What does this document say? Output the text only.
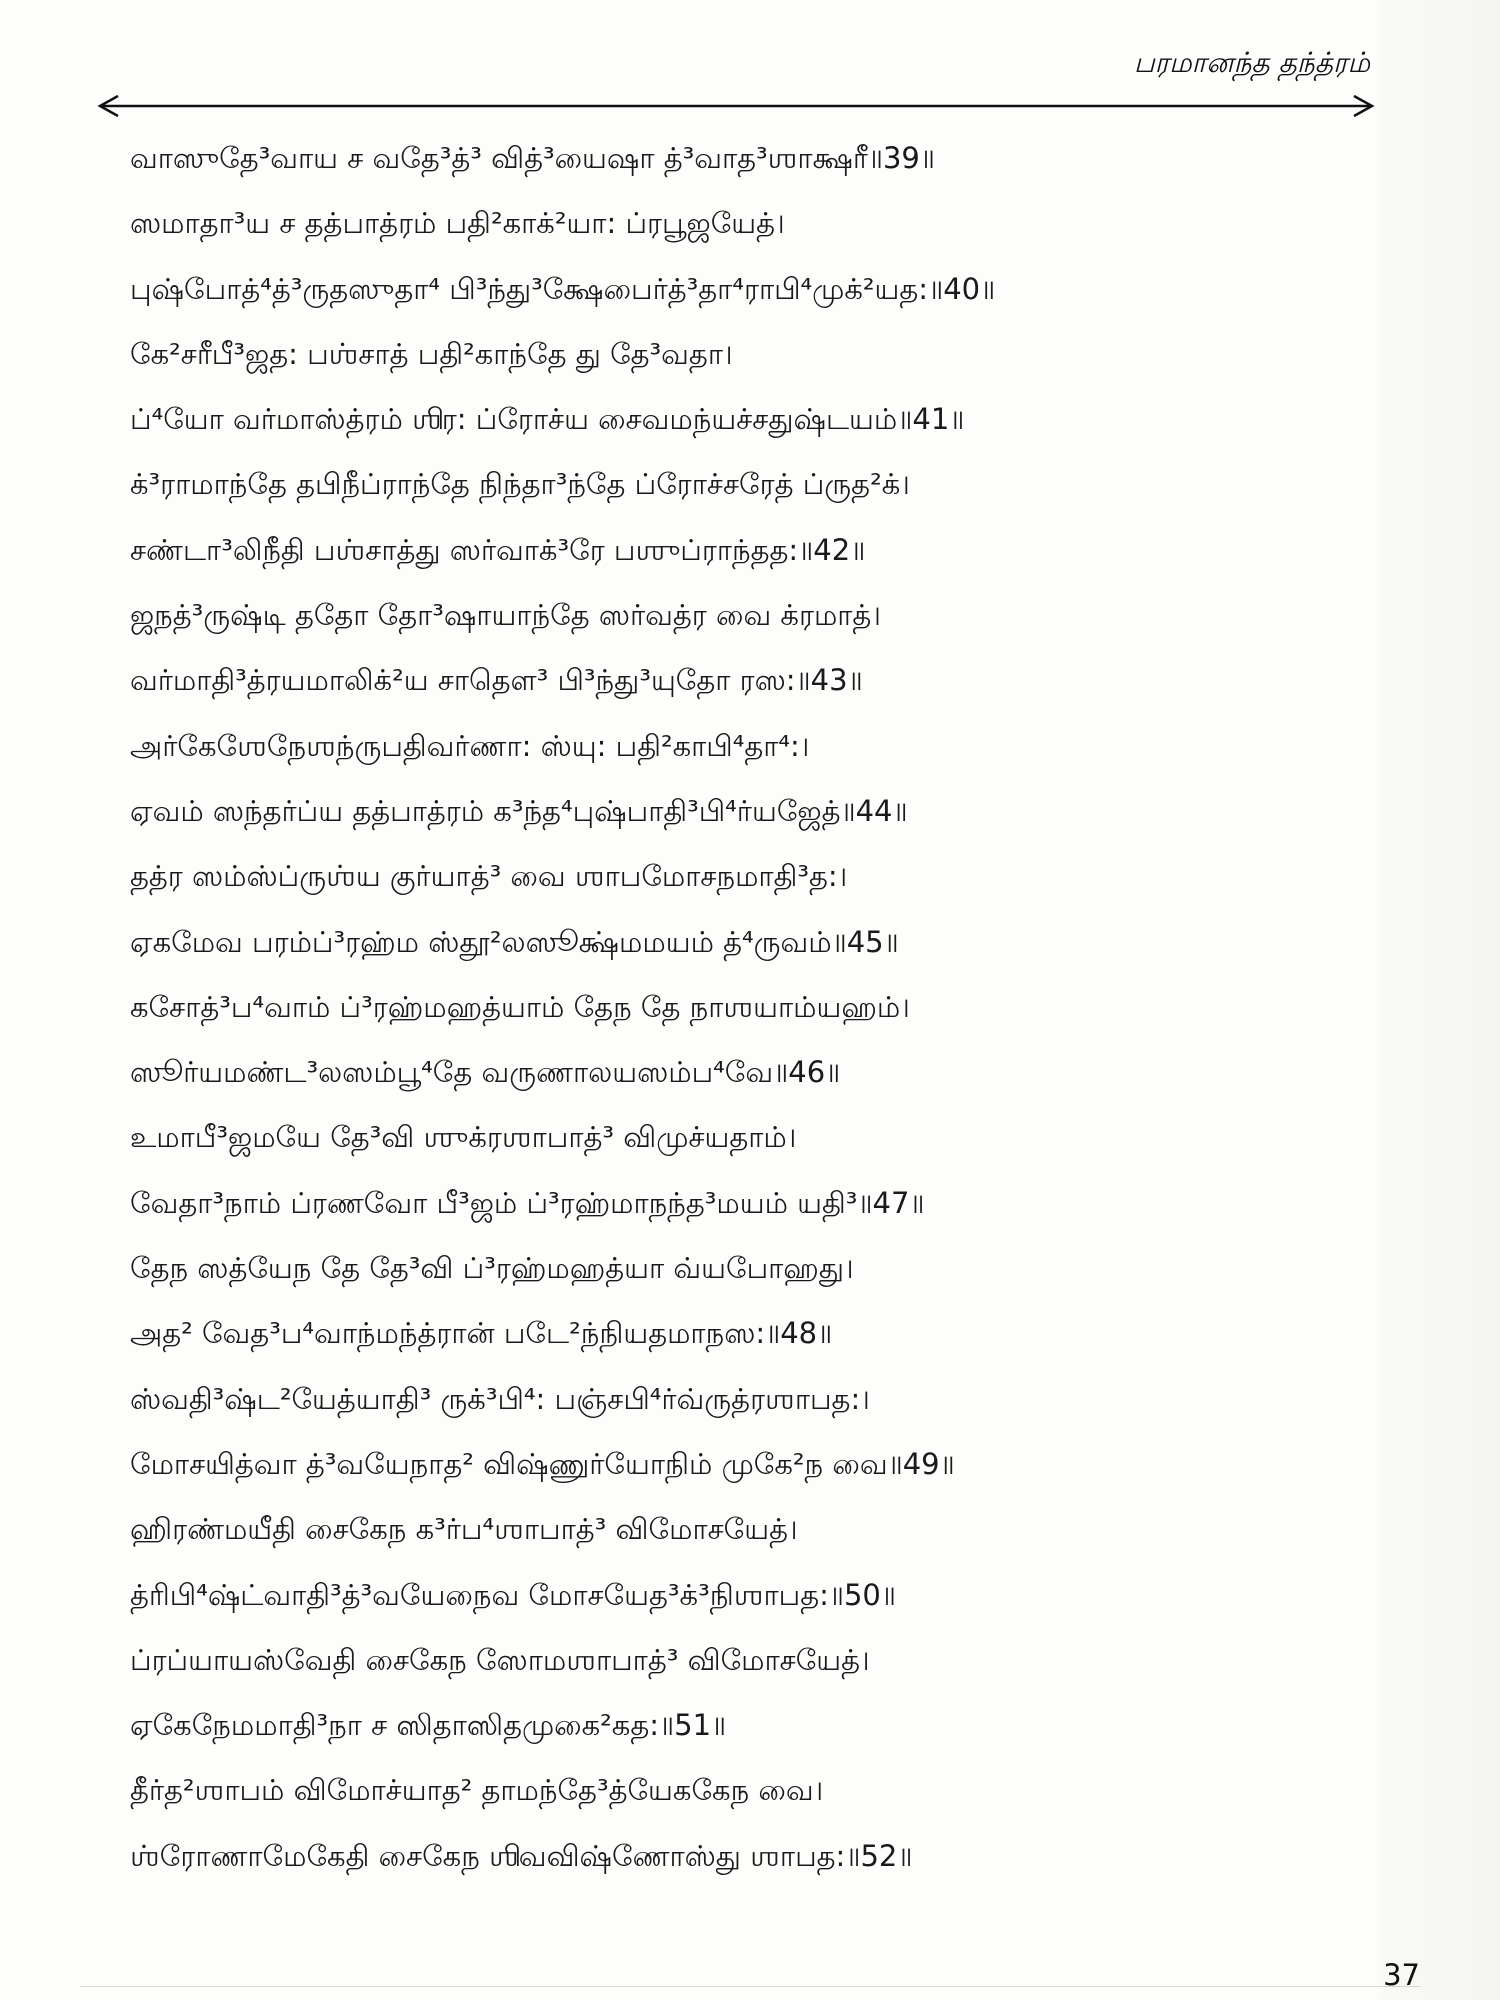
பரமானந்த தந்த்ரம்
வாஸுதே³வாய ச வதே³த்³ வித்³யைஷா த்³வாத³ஶாக்ஷரீ॥39॥
ஸமாதா³ய ச தத்பாத்ரம் பதி²காக்²யா: ப்ரபூஜயேத்।
புஷ்போத்⁴த்³ருதஸுதா⁴ பி³ந்து³க்ஷேபைர்த்³தா⁴ராபி⁴முக்²யத:॥40॥
கே²சரீபீ³ஜத: பஶ்சாத் பதி²காந்தே து தே³வதா।
ப்⁴யோ வர்மாஸ்த்ரம் ஶிர: ப்ரோச்ய சைவமந்யச்சதுஷ்டயம்॥41॥
க்³ராமாந்தே தபிநீப்ராந்தே நிந்தா³ந்தே ப்ரோச்சரேத் ப்ருத²க்।
சண்டா³லிநீதி பஶ்சாத்து ஸர்வாக்³ரே பஶுப்ராந்தத:॥42॥
ஜநத்³ருஷ்டி ததோ தோ³ஷாயாந்தே ஸர்வத்ர வை க்ரமாத்।
வர்மாதி³த்ரயமாலிக்²ய சாதௌ³ பி³ந்து³யுதோ ரஸ:॥43॥
அர்கேஶேநேஶந்ருபதிவர்ணா: ஸ்யு: பதி²காபி⁴தா⁴:।
ஏவம் ஸந்தர்ப்ய தத்பாத்ரம் க³ந்த⁴புஷ்பாதி³பி⁴ர்யஜேத்॥44॥
தத்ர ஸம்ஸ்ப்ருஶ்ய குர்யாத்³ வை ஶாபமோசநமாதி³த:।
ஏகமேவ பரம்ப்³ரஹ்ம ஸ்தூ²லஸூக்ஷ்மமயம் த்⁴ருவம்॥45॥
கசோத்³ப⁴வாம் ப்³ரஹ்மஹத்யாம் தேந தே நாஶயாம்யஹம்।
ஸூர்யமண்ட³லஸம்பூ⁴தே வருணாலயஸம்ப⁴வே॥46॥
உமாபீ³ஜமயே தே³வி ஶுக்ரஶாபாத்³ விமுச்யதாம்।
வேதா³நாம் ப்ரணவோ பீ³ஜம் ப்³ரஹ்மாநந்த³மயம் யதி³॥47॥
தேந ஸத்யேந தே தே³வி ப்³ரஹ்மஹத்யா வ்யபோஹது।
அத² வேத³ப⁴வாந்மந்த்ரான் படே²ந்நியதமாநஸ:॥48॥
ஸ்வதி³ஷ்ட²யேத்யாதி³ ருக்³பி⁴: பஞ்சபி⁴ர்வ்ருத்ரஶாபத:।
மோசயித்வா த்³வயேநாத² விஷ்ணுர்யோநிம் முகே²ந வை॥49॥
ஹிரண்மயீதி சைகேந க³ர்ப⁴ஶாபாத்³ விமோசயேத்।
த்ரிபி⁴ஷ்ட்வாதி³த்³வயேநைவ மோசயேத³க்³நிஶாபத:॥50॥
ப்ரப்யாயஸ்வேதி சைகேந ஸோமஶாபாத்³ விமோசயேத்।
ஏகேநேமமாதி³நா ச ஸிதாஸிதமுகை²கத:॥51॥
தீர்த²ஶாபம் விமோச்யாத² தாமந்தே³த்யேககேந வை।
ஶ்ரோணாமேகேதி சைகேந ஶிவவிஷ்ணோஸ்து ஶாபத:॥52॥
37
